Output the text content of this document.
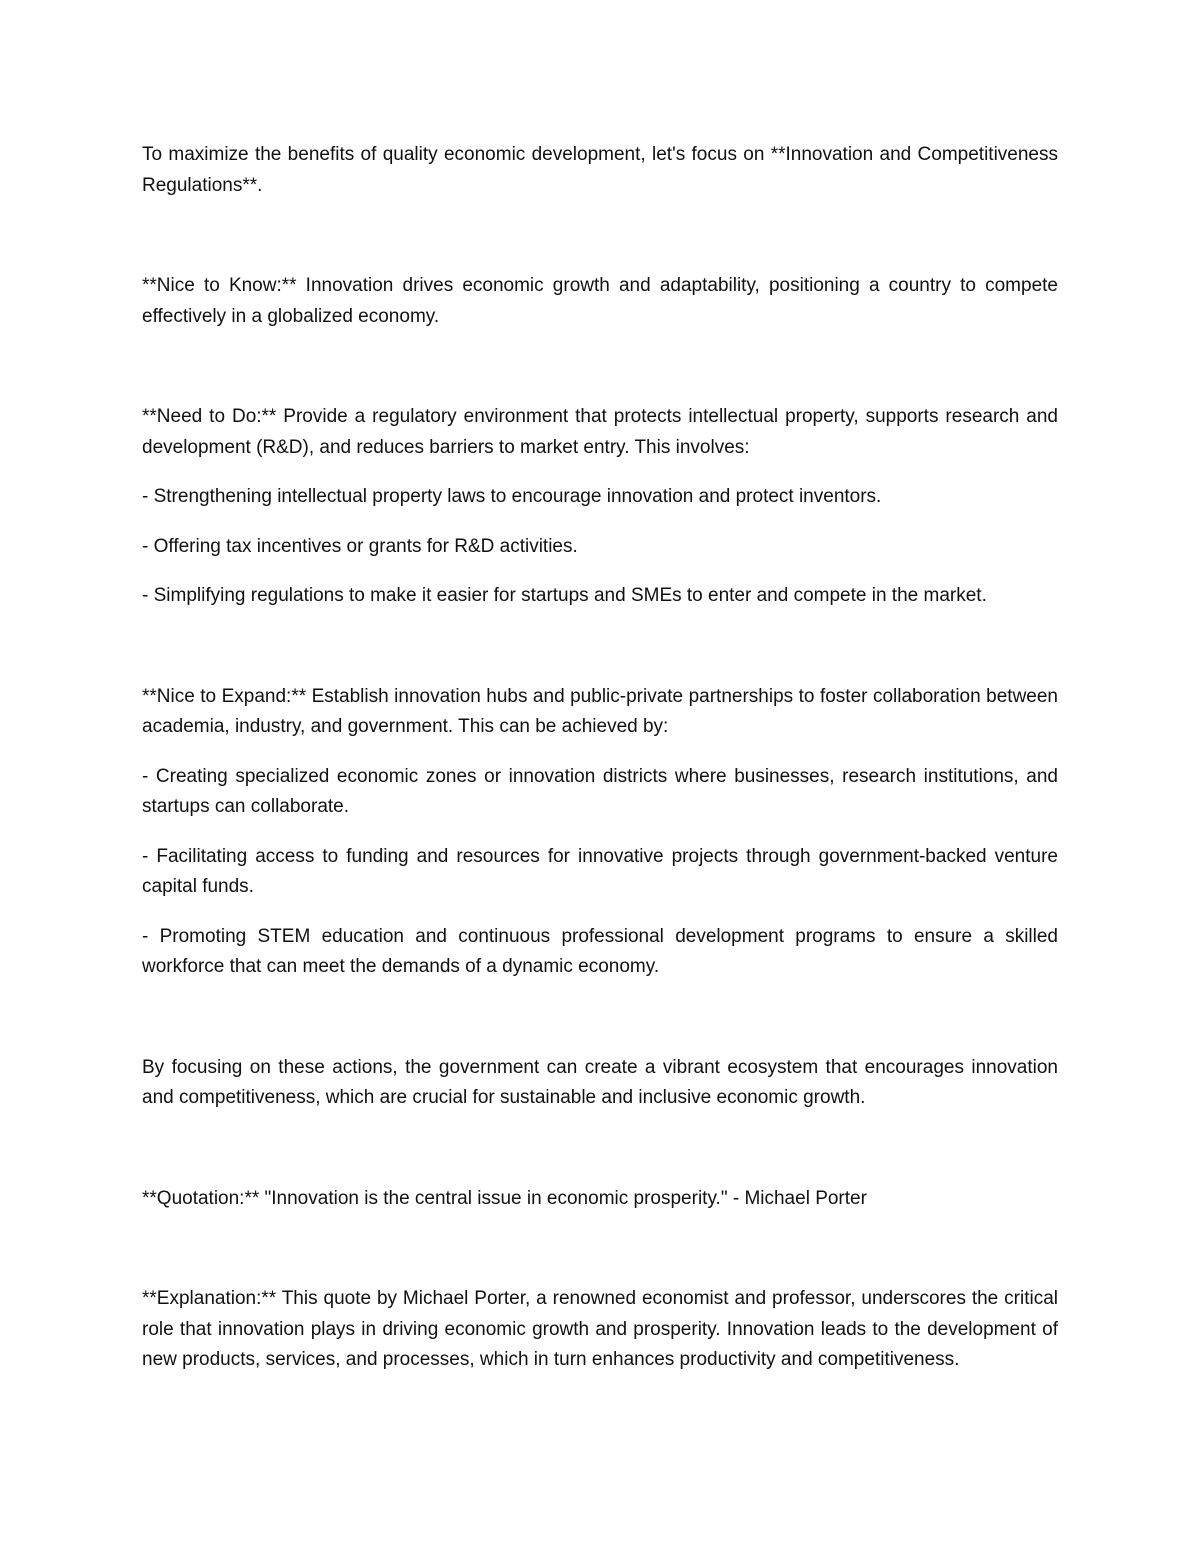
To maximize the benefits of quality economic development, let's focus on **Innovation and Competitiveness Regulations**.

**Nice to Know:** Innovation drives economic growth and adaptability, positioning a country to compete effectively in a globalized economy.

**Need to Do:** Provide a regulatory environment that protects intellectual property, supports research and development (R&D), and reduces barriers to market entry. This involves:

- Strengthening intellectual property laws to encourage innovation and protect inventors.

- Offering tax incentives or grants for R&D activities.

- Simplifying regulations to make it easier for startups and SMEs to enter and compete in the market.

**Nice to Expand:** Establish innovation hubs and public-private partnerships to foster collaboration between academia, industry, and government. This can be achieved by:

- Creating specialized economic zones or innovation districts where businesses, research institutions, and startups can collaborate.

- Facilitating access to funding and resources for innovative projects through government-backed venture capital funds.

- Promoting STEM education and continuous professional development programs to ensure a skilled workforce that can meet the demands of a dynamic economy.

By focusing on these actions, the government can create a vibrant ecosystem that encourages innovation and competitiveness, which are crucial for sustainable and inclusive economic growth.

**Quotation:** "Innovation is the central issue in economic prosperity." - Michael Porter

**Explanation:** This quote by Michael Porter, a renowned economist and professor, underscores the critical role that innovation plays in driving economic growth and prosperity. Innovation leads to the development of new products, services, and processes, which in turn enhances productivity and competitiveness.
